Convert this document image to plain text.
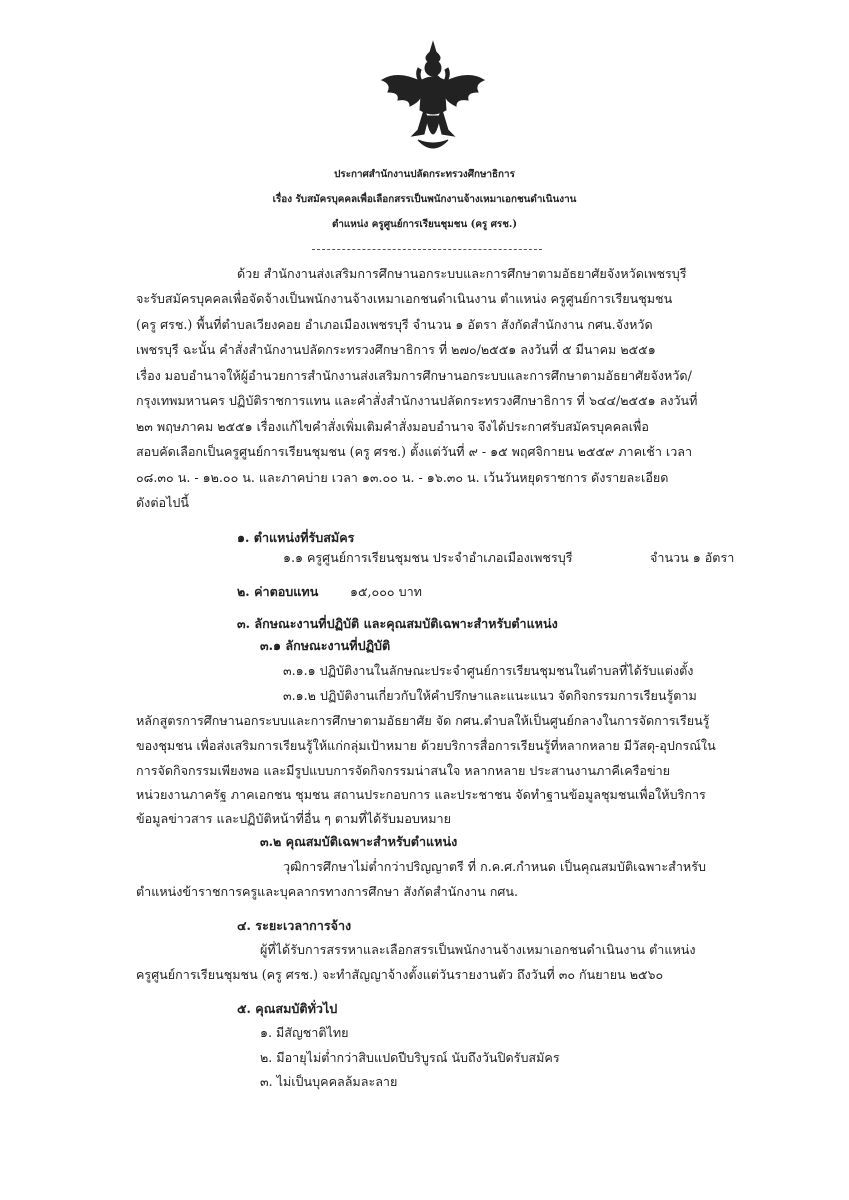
ประกาศสำนักงานปลัดกระทรวงศึกษาธิการ
เรื่อง รับสมัครบุคคลเพื่อเลือกสรรเป็นพนักงานจ้างเหมาเอกชนดำเนินงาน
ตำแหน่ง ครูศูนย์การเรียนชุมชน (ครู ศรช.)
ด้วย สำนักงานส่งเสริมการศึกษานอกระบบและการศึกษาตามอัธยาศัยจังหวัดเพชรบุรี
จะรับสมัครบุคคลเพื่อจัดจ้างเป็นพนักงานจ้างเหมาเอกชนดำเนินงาน ตำแหน่ง ครูศูนย์การเรียนชุมชน
(ครู ศรช.) พื้นที่ตำบลเวียงคอย อำเภอเมืองเพชรบุรี จำนวน ๑ อัตรา สังกัดสำนักงาน กศน.จังหวัด
เพชรบุรี ฉะนั้น คำสั่งสำนักงานปลัดกระทรวงศึกษาธิการ ที่ ๒๗๐/๒๕๕๑ ลงวันที่ ๕ มีนาคม ๒๕๕๑
เรื่อง มอบอำนาจให้ผู้อำนวยการสำนักงานส่งเสริมการศึกษานอกระบบและการศึกษาตามอัธยาศัยจังหวัด/
กรุงเทพมหานคร ปฏิบัติราชการแทน และคำสั่งสำนักงานปลัดกระทรวงศึกษาธิการ ที่ ๖๔๔/๒๕๕๑ ลงวันที่
๒๓ พฤษภาคม ๒๕๕๑ เรื่องแก้ไขคำสั่งเพิ่มเติมคำสั่งมอบอำนาจ จึงได้ประกาศรับสมัครบุคคลเพื่อ
สอบคัดเลือกเป็นครูศูนย์การเรียนชุมชน (ครู ศรช.) ตั้งแต่วันที่ ๙ - ๑๕ พฤศจิกายน ๒๕๕๙ ภาคเช้า เวลา
๐๘.๓๐ น. - ๑๒.๐๐ น. และภาคบ่าย เวลา ๑๓.๐๐ น. - ๑๖.๓๐ น. เว้นวันหยุดราชการ ดังรายละเอียด
ดังต่อไปนี้
๑. ตำแหน่งที่รับสมัคร
๑.๑ ครูศูนย์การเรียนชุมชน ประจำอำเภอเมืองเพชรบุรี	จำนวน ๑ อัตรา
๒. ค่าตอบแทน	๑๕,๐๐๐ บาท
๓. ลักษณะงานที่ปฏิบัติ และคุณสมบัติเฉพาะสำหรับตำแหน่ง
๓.๑ ลักษณะงานที่ปฏิบัติ
๓.๑.๑ ปฏิบัติงานในลักษณะประจำศูนย์การเรียนชุมชนในตำบลที่ได้รับแต่งตั้ง
๓.๑.๒ ปฏิบัติงานเกี่ยวกับให้คำปรึกษาและแนะแนว จัดกิจกรรมการเรียนรู้ตาม
หลักสูตรการศึกษานอกระบบและการศึกษาตามอัธยาศัย จัด กศน.ตำบลให้เป็นศูนย์กลางในการจัดการเรียนรู้
ของชุมชน เพื่อส่งเสริมการเรียนรู้ให้แก่กลุ่มเป้าหมาย ด้วยบริการสื่อการเรียนรู้ที่หลากหลาย มีวัสดุ-อุปกรณ์ใน
การจัดกิจกรรมเพียงพอ และมีรูปแบบการจัดกิจกรรมน่าสนใจ หลากหลาย ประสานงานภาคีเครือข่าย
หน่วยงานภาครัฐ ภาคเอกชน ชุมชน สถานประกอบการ และประชาชน จัดทำฐานข้อมูลชุมชนเพื่อให้บริการ
ข้อมูลข่าวสาร และปฏิบัติหน้าที่อื่น ๆ ตามที่ได้รับมอบหมาย
๓.๒ คุณสมบัติเฉพาะสำหรับตำแหน่ง
วุฒิการศึกษาไม่ต่ำกว่าปริญญาตรี ที่ ก.ค.ศ.กำหนด เป็นคุณสมบัติเฉพาะสำหรับ
ตำแหน่งข้าราชการครูและบุคลากรทางการศึกษา สังกัดสำนักงาน กศน.
๔. ระยะเวลาการจ้าง
ผู้ที่ได้รับการสรรหาและเลือกสรรเป็นพนักงานจ้างเหมาเอกชนดำเนินงาน ตำแหน่ง
ครูศูนย์การเรียนชุมชน (ครู ศรช.) จะทำสัญญาจ้างตั้งแต่วันรายงานตัว ถึงวันที่ ๓๐ กันยายน ๒๕๖๐
๕. คุณสมบัติทั่วไป
๑. มีสัญชาติไทย
๒. มีอายุไม่ต่ำกว่าสิบแปดปีบริบูรณ์ นับถึงวันปิดรับสมัคร
๓. ไม่เป็นบุคคลล้มละลาย
